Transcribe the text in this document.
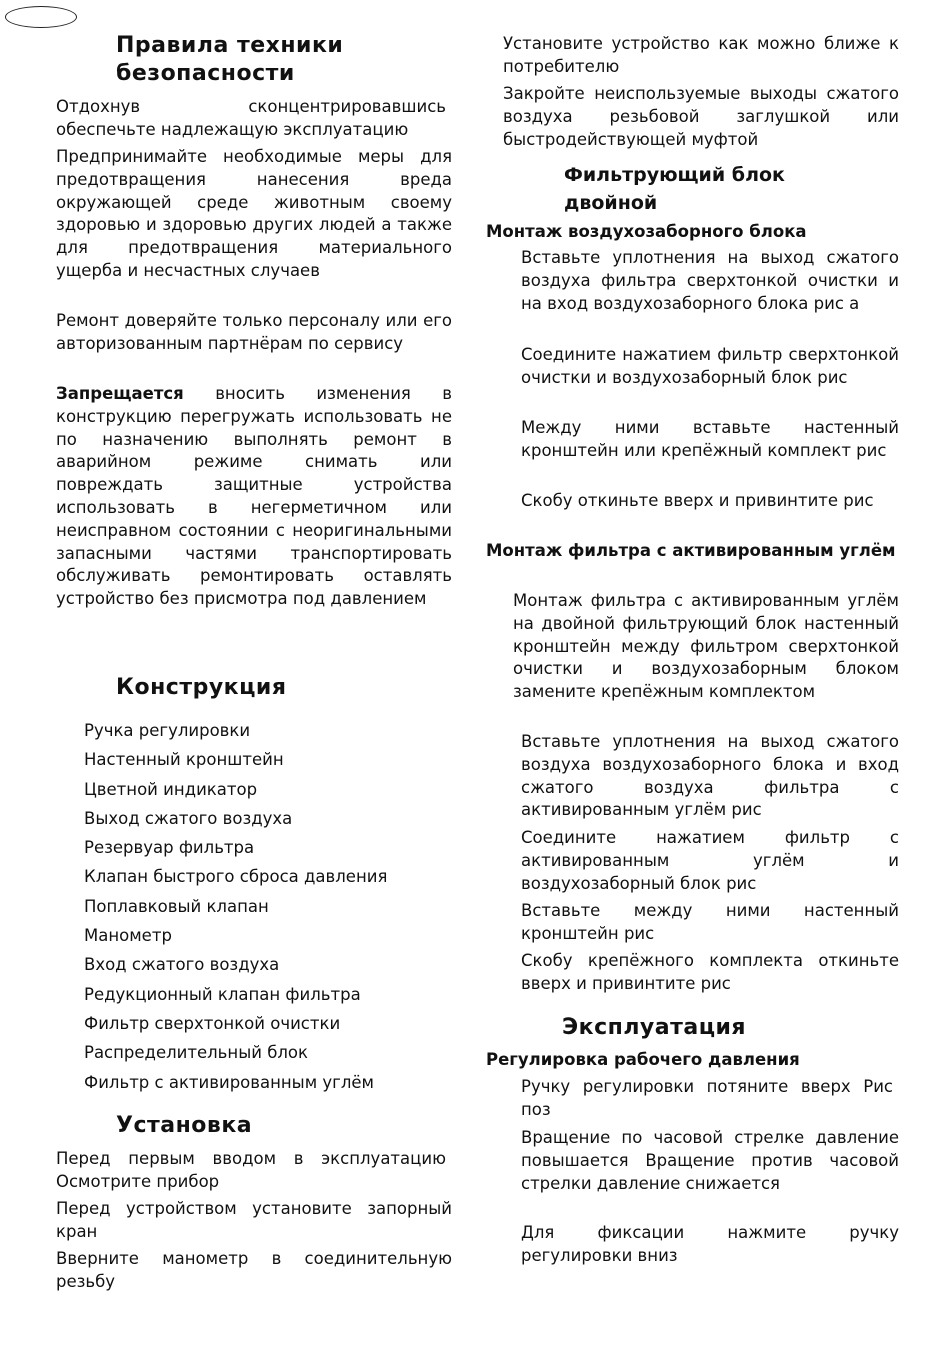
Правила техники
безопасности

Отдохнув сконцентрировавшись обеспечьте надлежащую эксплуатацию

Предпринимайте необходимые меры для предотвращения нанесения вреда окружающей среде животным своему здоровью и здоровью других людей а также для предотвращения материального ущерба и несчастных случаев

Ремонт доверяйте только персоналу или его авторизованным партнёрам по сервису

Запрещается вносить изменения в конструкцию перегружать использовать не по назначению выполнять ремонт в аварийном режиме снимать или повреждать защитные устройства использовать в негерметичном или неисправном состоянии с неоригинальными запасными частями транспортировать обслуживать ремонтировать оставлять устройство без присмотра под давлением

Конструкция
Ручка регулировки
Настенный кронштейн
Цветной индикатор
Выход сжатого воздуха
Резервуар фильтра
Клапан быстрого сброса давления
Поплавковый клапан
Манометр
Вход сжатого воздуха
Редукционный клапан фильтра
Фильтр сверхтонкой очистки
Распределительный блок
Фильтр с активированным углём
Установка

Перед первым вводом в эксплуатацию Осмотрите прибор

Перед устройством установите запорный кран

Вверните манометр в соединительную резьбу

Установите устройство как можно ближе к потребителю

Закройте неиспользуемые выходы сжатого воздуха резьбовой заглушкой или быстродействующей муфтой

Фильтрующий блок
двойной
Монтаж воздухозаборного блока

Вставьте уплотнения на выход сжатого воздуха фильтра сверхтонкой очистки и на вход воздухозаборного блока рис а

Соедините нажатием фильтр сверхтонкой очистки и воздухозаборный блок рис

Между ними вставьте настенный кронштейн или крепёжный комплект рис

Скобу откиньте вверх и привинтите рис

Монтаж фильтра с активированным углём

Монтаж фильтра с активированным углём на двойной фильтрующий блок настенный кронштейн между фильтром сверхтонкой очистки и воздухозаборным блоком замените крепёжным комплектом

Вставьте уплотнения на выход сжатого воздуха воздухозаборного блока и вход сжатого воздуха фильтра с активированным углём рис

Соедините нажатием фильтр с активированным углём и воздухозаборный блок рис

Вставьте между ними настенный кронштейн рис

Скобу крепёжного комплекта откиньте вверх и привинтите рис

Эксплуатация
Регулировка рабочего давления

Ручку регулировки потяните вверх Рис поз

Вращение по часовой стрелке давление повышается Вращение против часовой стрелки давление снижается

Для фиксации нажмите ручку регулировки вниз
